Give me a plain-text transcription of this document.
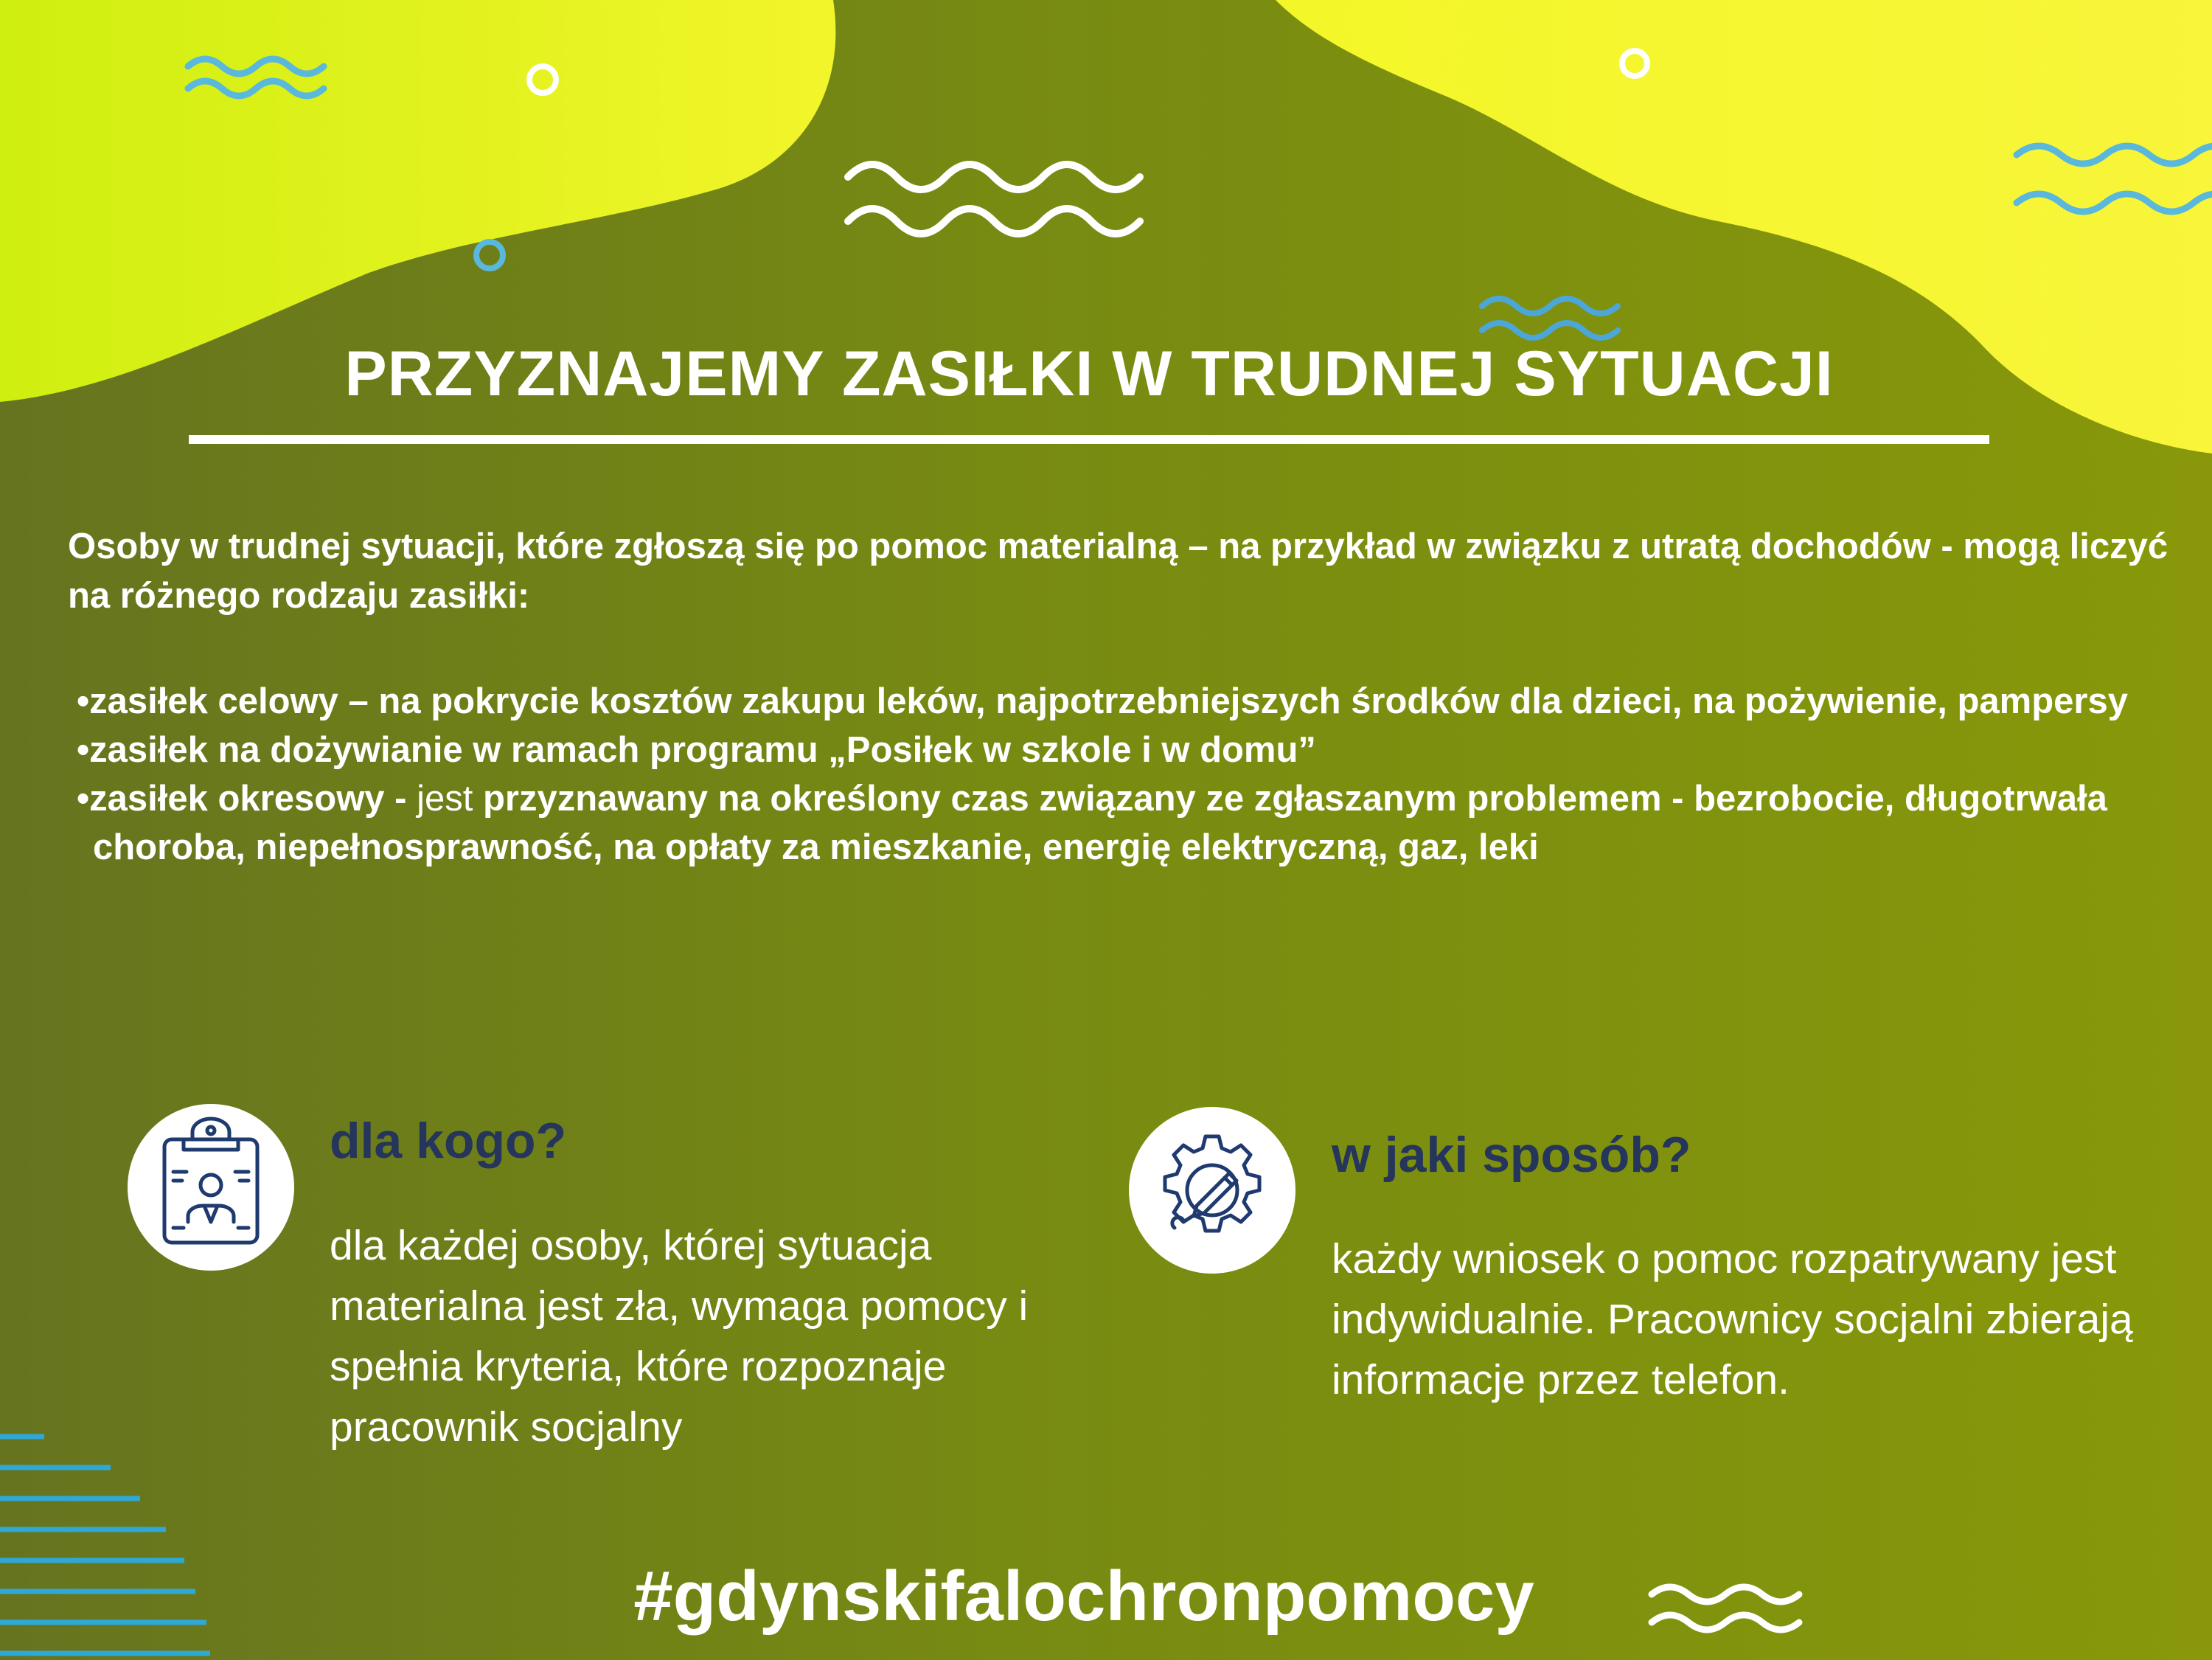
PRZYZNAJEMY ZASIŁKI W TRUDNEJ SYTUACJI
Osoby w trudnej sytuacji, które zgłoszą się po pomoc materialną – na przykład w związku z utratą dochodów - mogą liczyć na różnego rodzaju zasiłki:
•zasiłek celowy – na pokrycie kosztów zakupu leków, najpotrzebniejszych środków dla dzieci, na pożywienie, pampersy
•zasiłek na dożywianie w ramach programu „Posiłek w szkole i w domu”
•zasiłek okresowy - jest przyznawany na określony czas związany ze zgłaszanym problemem - bezrobocie, długotrwała choroba, niepełnosprawność, na opłaty za mieszkanie, energię elektryczną, gaz, leki
dla kogo?
dla każdej osoby, której sytuacja materialna jest zła, wymaga pomocy i spełnia kryteria, które rozpoznaje pracownik socjalny
w jaki sposób?
każdy wniosek o pomoc rozpatrywany jest indywidualnie. Pracownicy socjalni zbierają informacje przez telefon.
#gdynskifalochronpomocy
